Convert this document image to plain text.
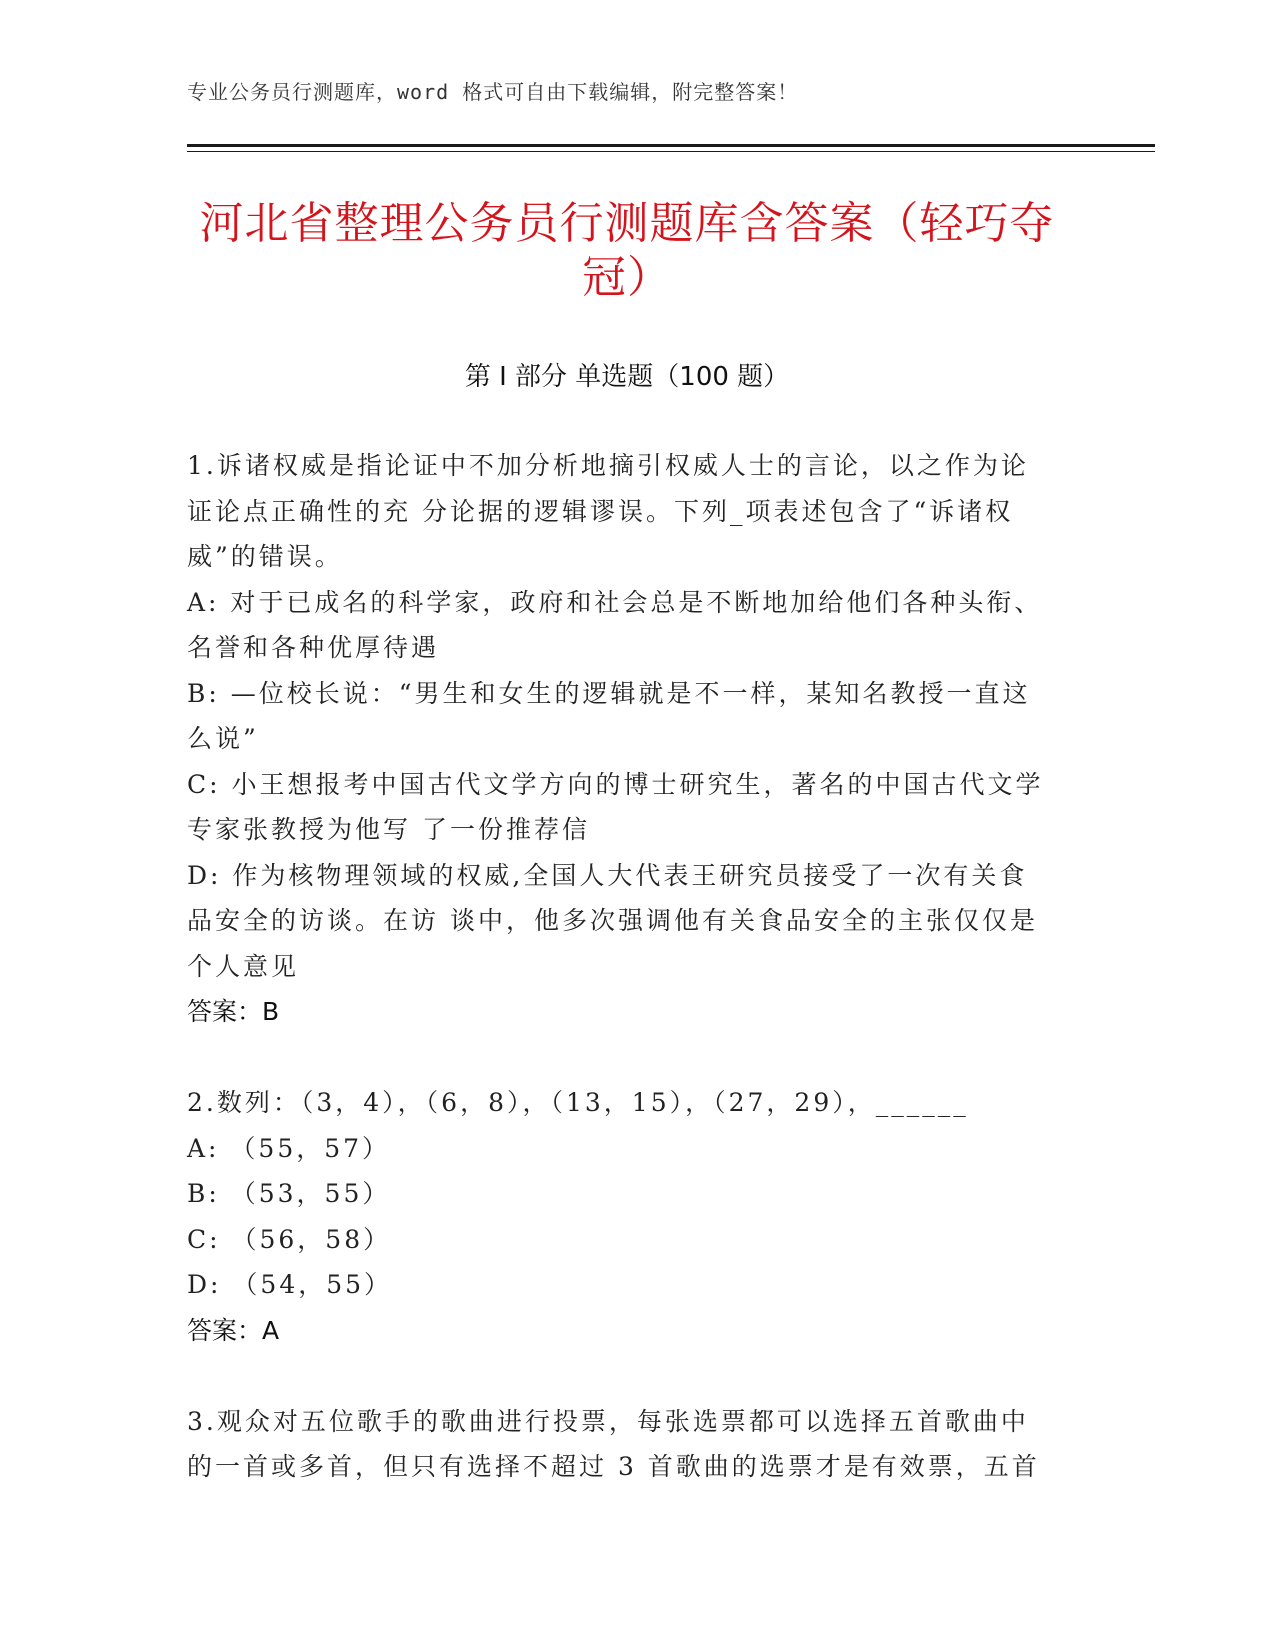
专业公务员行测题库，word 格式可自由下载编辑，附完整答案！
河北省整理公务员行测题库含答案（轻巧夺冠）
第 I 部分 单选题（100 题）
1.诉诸权威是指论证中不加分析地摘引权威人士的言论，以之作为论
证论点正确性的充 分论据的逻辑谬误。下列_项表述包含了“诉诸权
威”的错误。
A: 对于已成名的科学家，政府和社会总是不断地加给他们各种头衔、
名誉和各种优厚待遇
B: —位校长说：“男生和女生的逻辑就是不一样，某知名教授一直这
么说”
C: 小王想报考中国古代文学方向的博士研究生，著名的中国古代文学
专家张教授为他写 了一份推荐信
D: 作为核物理领域的权威,全国人大代表王研究员接受了一次有关食
品安全的访谈。在访 谈中，他多次强调他有关食品安全的主张仅仅是
个人意见
答案：B
2.数列：（3，4），（6，8），（13，15），（27，29），______
A: （55，57）
B: （53，55）
C: （56，58）
D: （54，55）
答案：A
3.观众对五位歌手的歌曲进行投票，每张选票都可以选择五首歌曲中
的一首或多首，但只有选择不超过 3 首歌曲的选票才是有效票，五首
